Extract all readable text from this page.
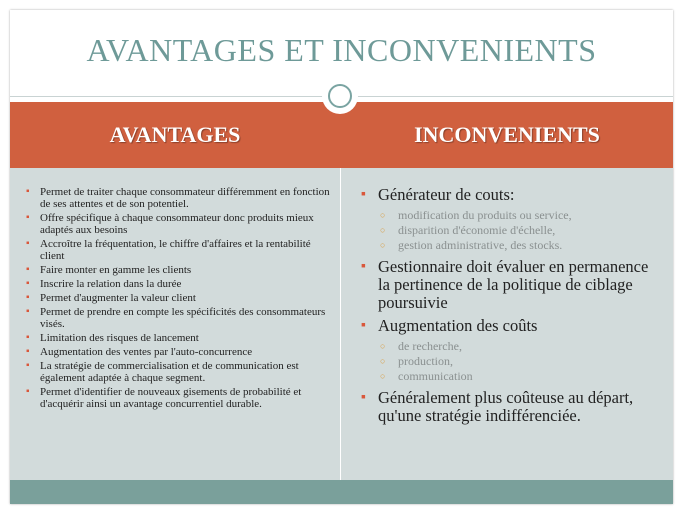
AVANTAGES ET INCONVENIENTS
AVANTAGES	INCONVENIENTS
▪ Permet de traiter chaque consommateur différemment en fonction de ses attentes et de son potentiel.
▪ Offre spécifique à chaque consommateur donc produits mieux adaptés aux besoins
▪ Accroître la fréquentation, le chiffre d'affaires et la rentabilité client
▪ Faire monter en gamme les clients
▪ Inscrire la relation dans la durée
▪ Permet d'augmenter la valeur client
▪ Permet de prendre en compte les spécificités des consommateurs visés.
▪ Limitation des risques de lancement
▪ Augmentation des ventes par l'auto-concurrence
▪ La stratégie de commercialisation et de communication est également adaptée à chaque segment.
▪ Permet d'identifier de nouveaux gisements de probabilité et d'acquérir ainsi un avantage concurrentiel durable.
▪ Générateur de couts:
○ modification du produits ou service,
○ disparition d'économie d'échelle,
○ gestion administrative, des stocks.
▪ Gestionnaire doit évaluer en permanence la pertinence de la politique de ciblage poursuivie
▪ Augmentation des coûts
○ de recherche,
○ production,
○ communication
▪ Généralement plus coûteuse au départ, qu'une stratégie indifférenciée.
